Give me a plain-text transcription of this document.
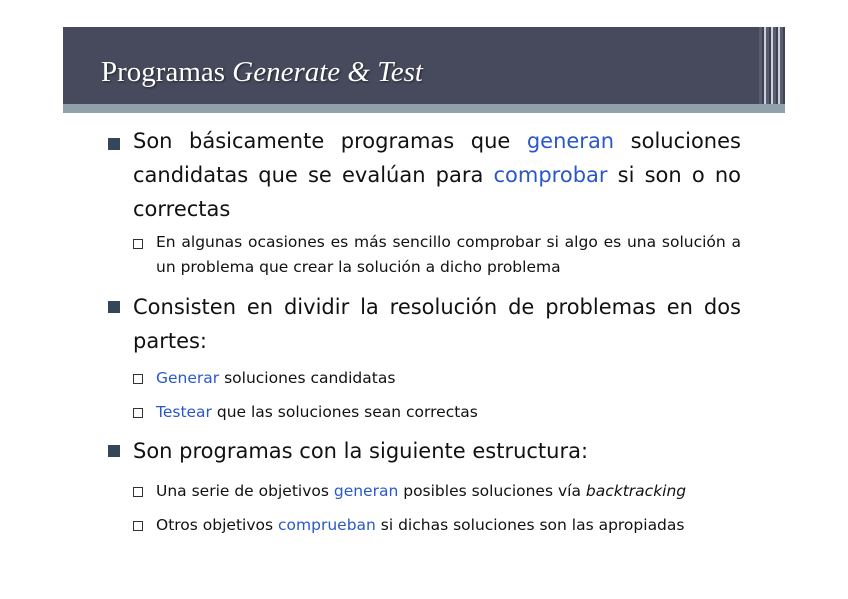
Programas Generate & Test
Son básicamente programas que generan soluciones candidatas que se evalúan para comprobar si son o no correctas
En algunas ocasiones es más sencillo comprobar si algo es una solución a un problema que crear la solución a dicho problema
Consisten en dividir la resolución de problemas en dos partes:
Generar soluciones candidatas
Testear que las soluciones sean correctas
Son programas con la siguiente estructura:
Una serie de objetivos generan posibles soluciones vía backtracking
Otros objetivos comprueban si dichas soluciones son las apropiadas
